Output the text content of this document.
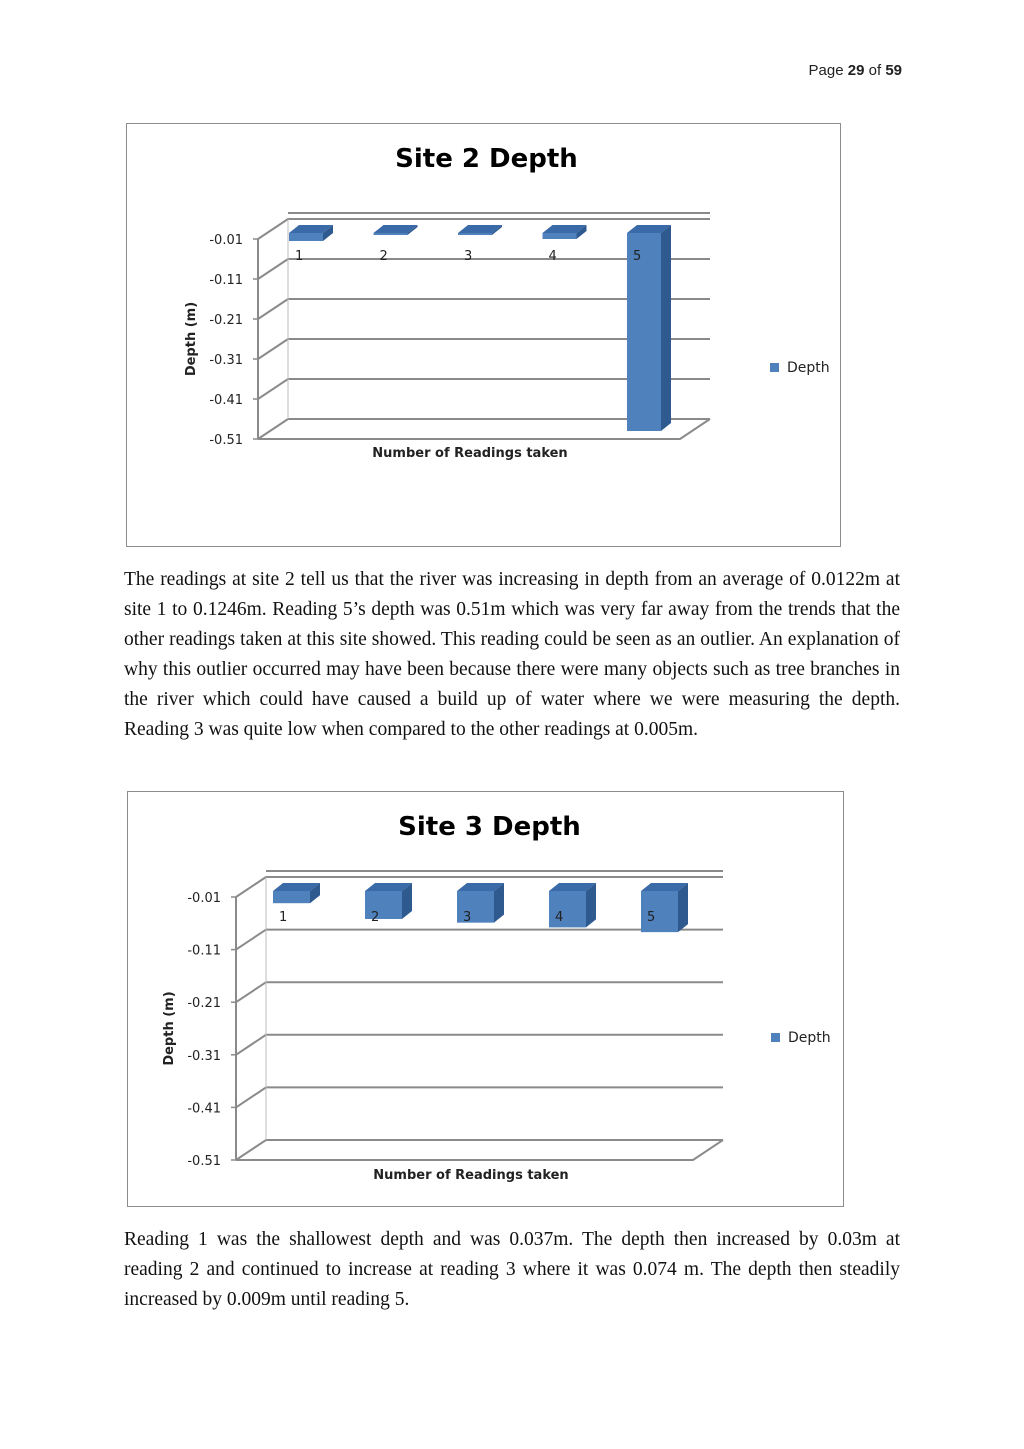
Page 29 of 59
Site 2 Depth
-0.01
-0.11
-0.21
-0.31
-0.41
-0.51
1	2	3	4	5
Number of Readings taken
Depth (m)	Depth

The readings at site 2 tell us that the river was increasing in depth from an average of 0.0122m at site 1 to 0.1246m. Reading 5’s depth was 0.51m which was very far away from the trends that the other readings taken at this site showed. This reading could be seen as an outlier. An explanation of why this outlier occurred may have been because there were many objects such as tree branches in the river which could have caused a build up of water where we were measuring the depth. Reading 3 was quite low when compared to the other readings at 0.005m.

Site 3 Depth
-0.01
-0.11
-0.21
-0.31
-0.41
-0.51
1	2	3	4	5
Number of Readings taken
Depth (m)	Depth

Reading 1 was the shallowest depth and was 0.037m. The depth then increased by 0.03m at reading 2 and continued to increase at reading 3 where it was 0.074 m. The depth then steadily increased by 0.009m until reading 5.
